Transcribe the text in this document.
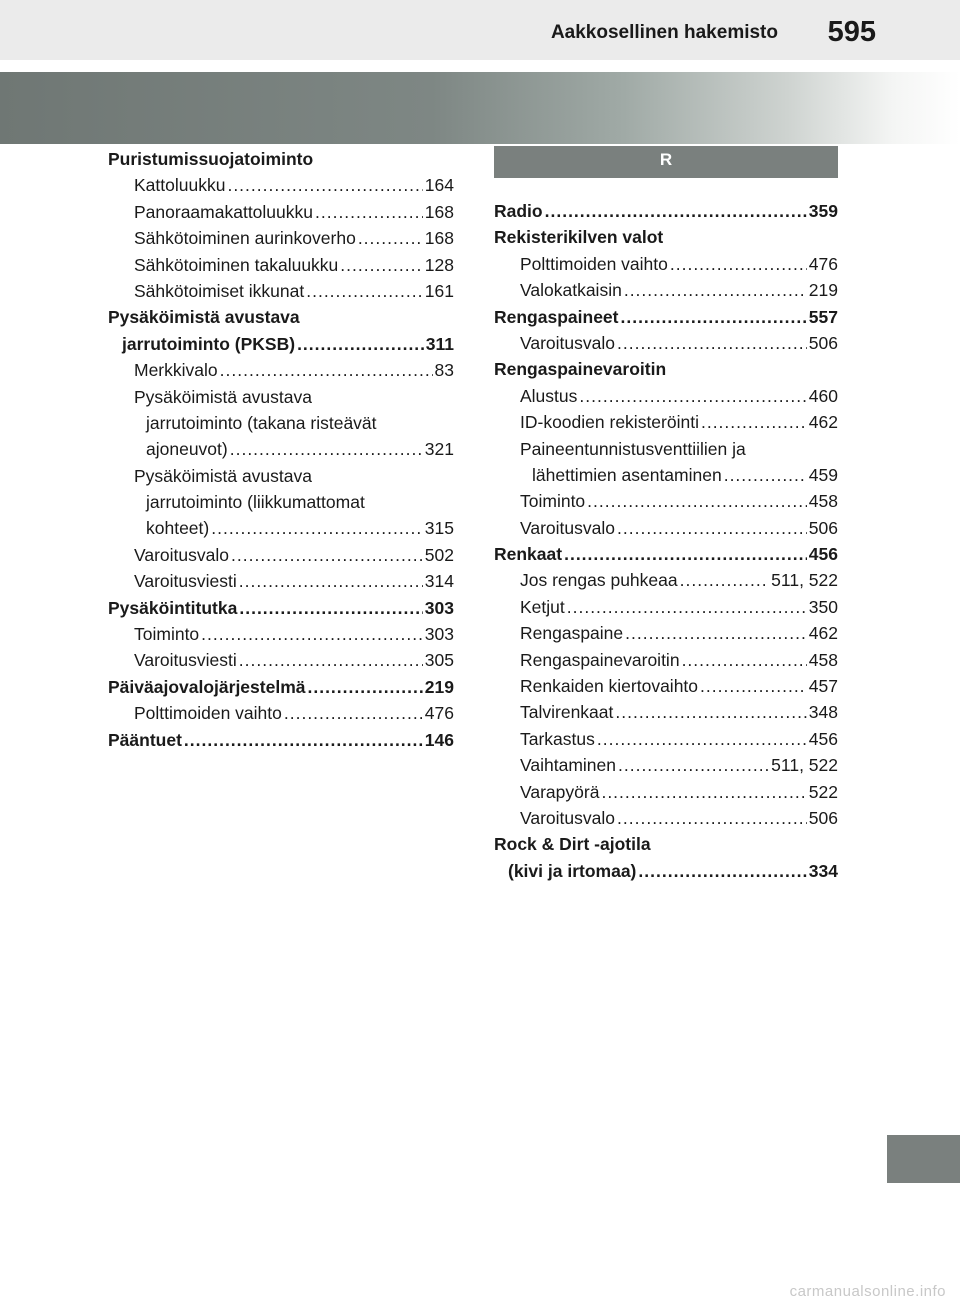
Aakkosellinen hakemisto 595
Puristumissuojatoiminto
Kattoluukku .....	164
Panoraamakattoluukku .....	168
Sähkötoiminen aurinkoverho .....	168
Sähkötoiminen takaluukku .....	128
Sähkötoimiset ikkunat .....	161
Pysäköimistä avustava
jarrutoiminto (PKSB) .....	311
Merkkivalo .....	83
Pysäköimistä avustava
jarrutoiminto (takana risteävät
ajoneuvot) .....	321
Pysäköimistä avustava
jarrutoiminto (liikkumattomat
kohteet) .....	315
Varoitusvalo .....	502
Varoitusviesti .....	314
Pysäköintitutka .....	303
Toiminto .....	303
Varoitusviesti .....	305
Päiväajovalojärjestelmä .....	219
Polttimoiden vaihto .....	476
Pääntuet .....	146
R
Radio .....	359
Rekisterikilven valot
Polttimoiden vaihto .....	476
Valokatkaisin .....	219
Rengaspaineet .....	557
Varoitusvalo .....	506
Rengaspainevaroitin
Alustus .....	460
ID-koodien rekisteröinti .....	462
Paineentunnistusventtiilien ja
lähettimien asentaminen .....	459
Toiminto .....	458
Varoitusvalo .....	506
Renkaat .....	456
Jos rengas puhkeaa .....	511, 522
Ketjut .....	350
Rengaspaine .....	462
Rengaspainevaroitin .....	458
Renkaiden kiertovaihto .....	457
Talvirenkaat .....	348
Tarkastus .....	456
Vaihtaminen .....	511, 522
Varapyörä .....	522
Varoitusvalo .....	506
Rock & Dirt -ajotila
(kivi ja irtomaa) .....	334
carmanualsonline.info
